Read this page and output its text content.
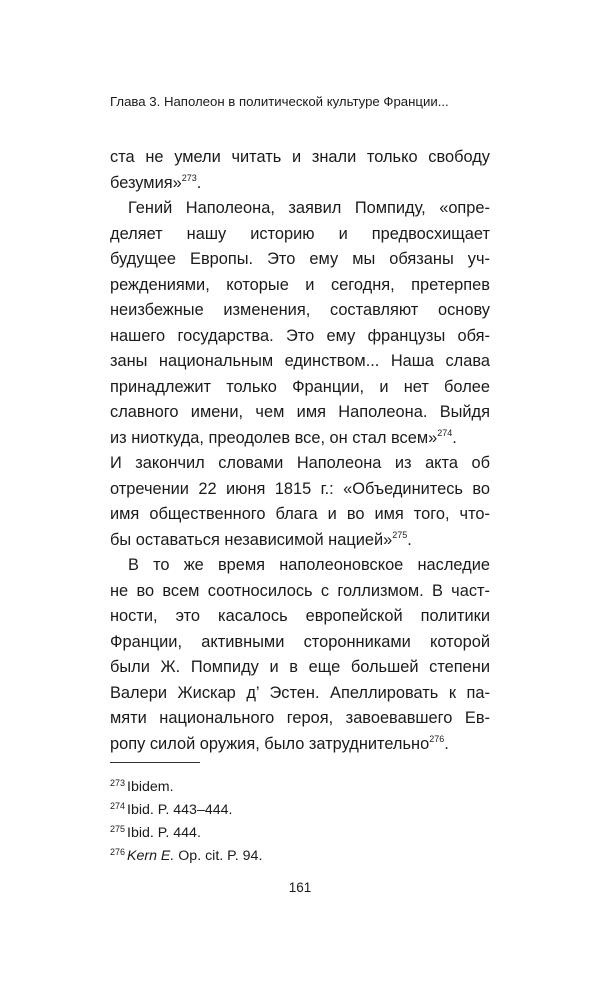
Глава 3. Наполеон в политической культуре Франции...
ста не умели читать и знали только свободу
безумия»$^{273}$.
Гений Наполеона, заявил Помпиду, «опре-
деляет нашу историю и предвосхищает
будущее Европы. Это ему мы обязаны уч-
реждениями, которые и сегодня, претерпев
неизбежные изменения, составляют основу
нашего государства. Это ему французы обя-
заны национальным единством... Наша слава
принадлежит только Франции, и нет более
славного имени, чем имя Наполеона. Выйдя
из ниоткуда, преодолев все, он стал всем»$^{274}$.
И закончил словами Наполеона из акта об
отречении 22 июня 1815 г.: «Объединитесь во
имя общественного блага и во имя того, что-
бы оставаться независимой нацией»$^{275}$.
В то же время наполеоновское наследие
не во всем соотносилось с голлизмом. В част-
ности, это касалось европейской политики
Франции, активными сторонниками которой
были Ж. Помпиду и в еще большей степени
Валери Жискар д’ Эстен. Апеллировать к па-
мяти национального героя, завоевавшего Ев-
ропу силой оружия, было затруднительно$^{276}$.
273 Ibidem.
274 Ibid. P. 443–444.
275 Ibid. P. 444.
276 Kern E. Op. cit. P. 94.
161
